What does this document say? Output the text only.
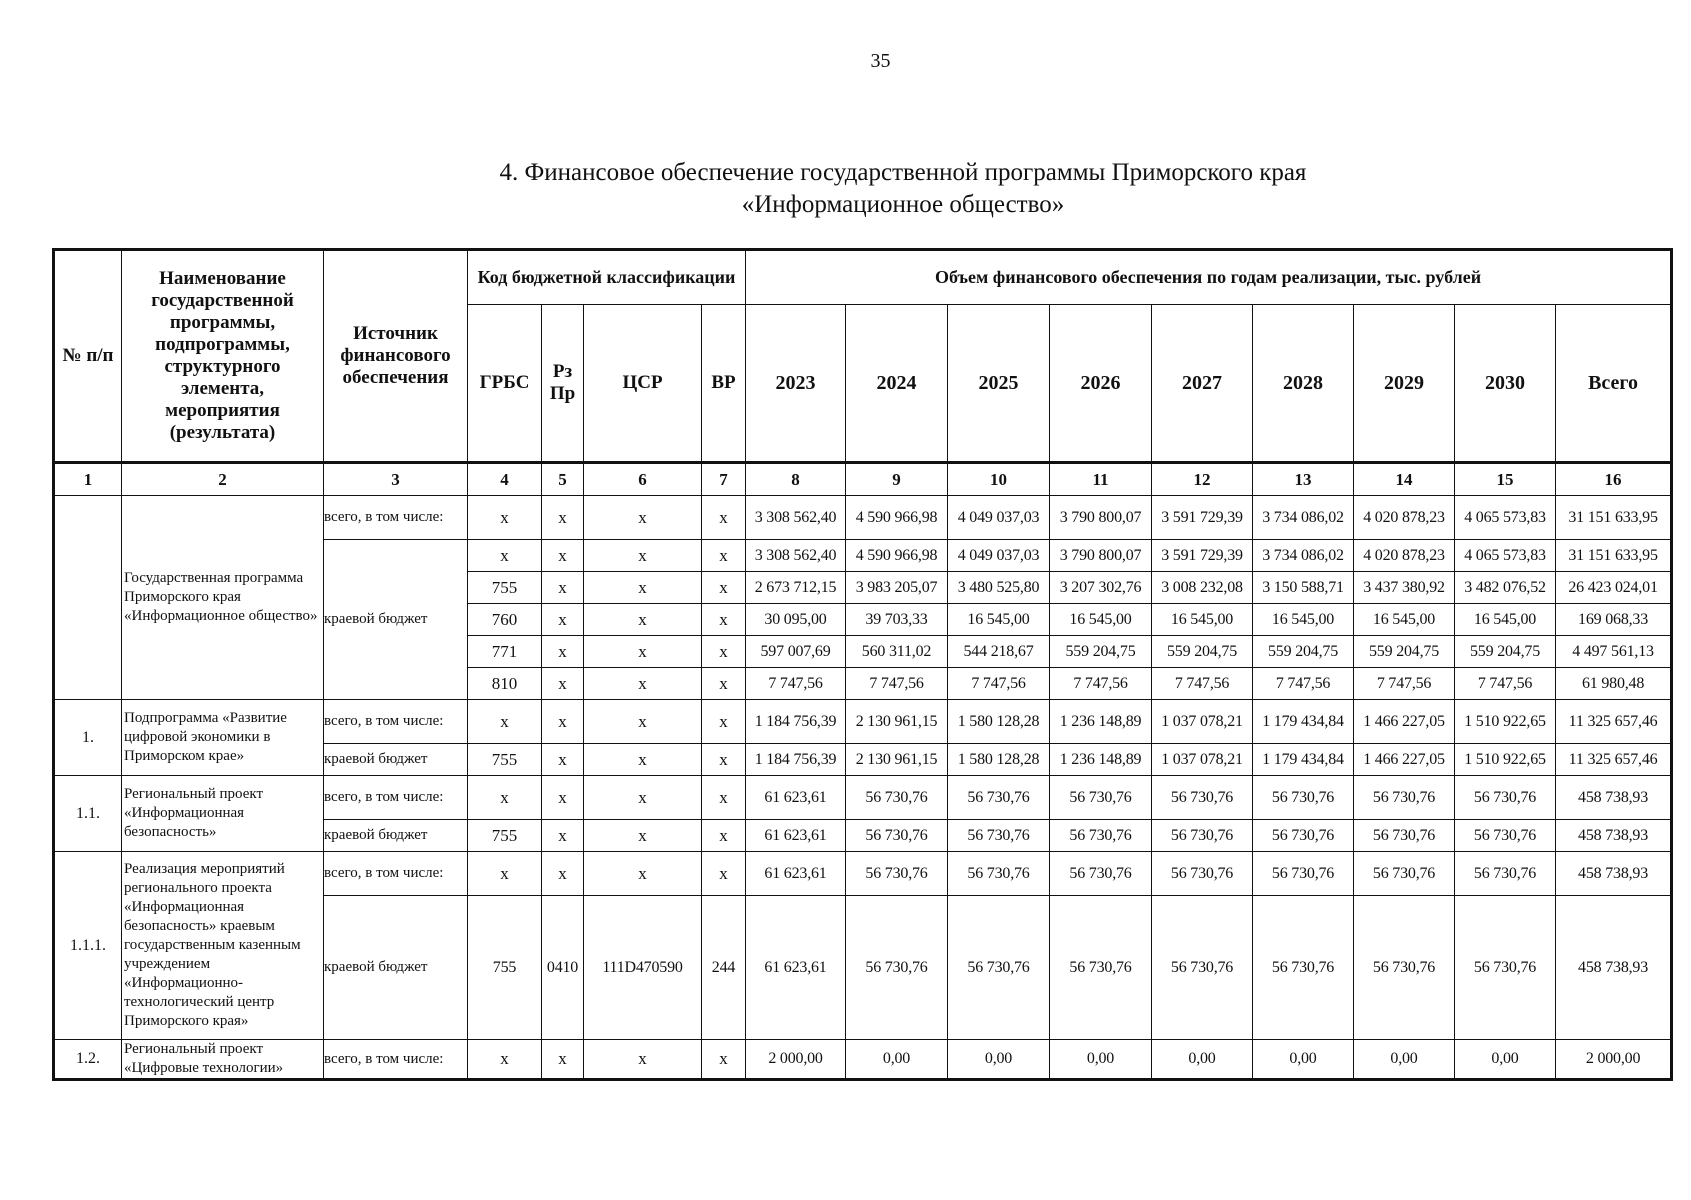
35
4. Финансовое обеспечение государственной программы Приморского края
«Информационное общество»
№ п/п	Наименование государственной программы, подпрограммы, структурного элемента, мероприятия (результата)	Источник финансового обеспечения	Код бюджетной классификации				Объем финансового обеспечения по годам реализации, тыс. рублей								
			ГРБС	Рз Пр	ЦСР	ВР	2023	2024	2025	2026	2027	2028	2029	2030	Всего
1	2	3	4	5	6	7	8	9	10	11	12	13	14	15	16
	Государственная программа Приморского края «Информационное общество»	всего, в том числе:	х	х	х	х	3 308 562,40	4 590 966,98	4 049 037,03	3 790 800,07	3 591 729,39	3 734 086,02	4 020 878,23	4 065 573,83	31 151 633,95
		краевой бюджет	х	х	х	х	3 308 562,40	4 590 966,98	4 049 037,03	3 790 800,07	3 591 729,39	3 734 086,02	4 020 878,23	4 065 573,83	31 151 633,95
			755	х	х	х	2 673 712,15	3 983 205,07	3 480 525,80	3 207 302,76	3 008 232,08	3 150 588,71	3 437 380,92	3 482 076,52	26 423 024,01
			760	х	х	х	30 095,00	39 703,33	16 545,00	16 545,00	16 545,00	16 545,00	16 545,00	16 545,00	169 068,33
			771	х	х	х	597 007,69	560 311,02	544 218,67	559 204,75	559 204,75	559 204,75	559 204,75	559 204,75	4 497 561,13
			810	х	х	х	7 747,56	7 747,56	7 747,56	7 747,56	7 747,56	7 747,56	7 747,56	7 747,56	61 980,48
1.	Подпрограмма «Развитие цифровой экономики в Приморском крае»	всего, в том числе:	х	х	х	х	1 184 756,39	2 130 961,15	1 580 128,28	1 236 148,89	1 037 078,21	1 179 434,84	1 466 227,05	1 510 922,65	11 325 657,46
		краевой бюджет	755	х	х	х	1 184 756,39	2 130 961,15	1 580 128,28	1 236 148,89	1 037 078,21	1 179 434,84	1 466 227,05	1 510 922,65	11 325 657,46
1.1.	Региональный проект «Информационная безопасность»	всего, в том числе:	х	х	х	х	61 623,61	56 730,76	56 730,76	56 730,76	56 730,76	56 730,76	56 730,76	56 730,76	458 738,93
		краевой бюджет	755	х	х	х	61 623,61	56 730,76	56 730,76	56 730,76	56 730,76	56 730,76	56 730,76	56 730,76	458 738,93
1.1.1.	Реализация мероприятий регионального проекта «Информационная безопасность» краевым государственным казенным учреждением «Информационно-технологический центр Приморского края»	всего, в том числе:	х	х	х	х	61 623,61	56 730,76	56 730,76	56 730,76	56 730,76	56 730,76	56 730,76	56 730,76	458 738,93
		краевой бюджет	755	0410	111D470590	244	61 623,61	56 730,76	56 730,76	56 730,76	56 730,76	56 730,76	56 730,76	56 730,76	458 738,93
1.2.	Региональный проект «Цифровые технологии»	всего, в том числе:	х	х	х	х	2 000,00	0,00	0,00	0,00	0,00	0,00	0,00	0,00	2 000,00
